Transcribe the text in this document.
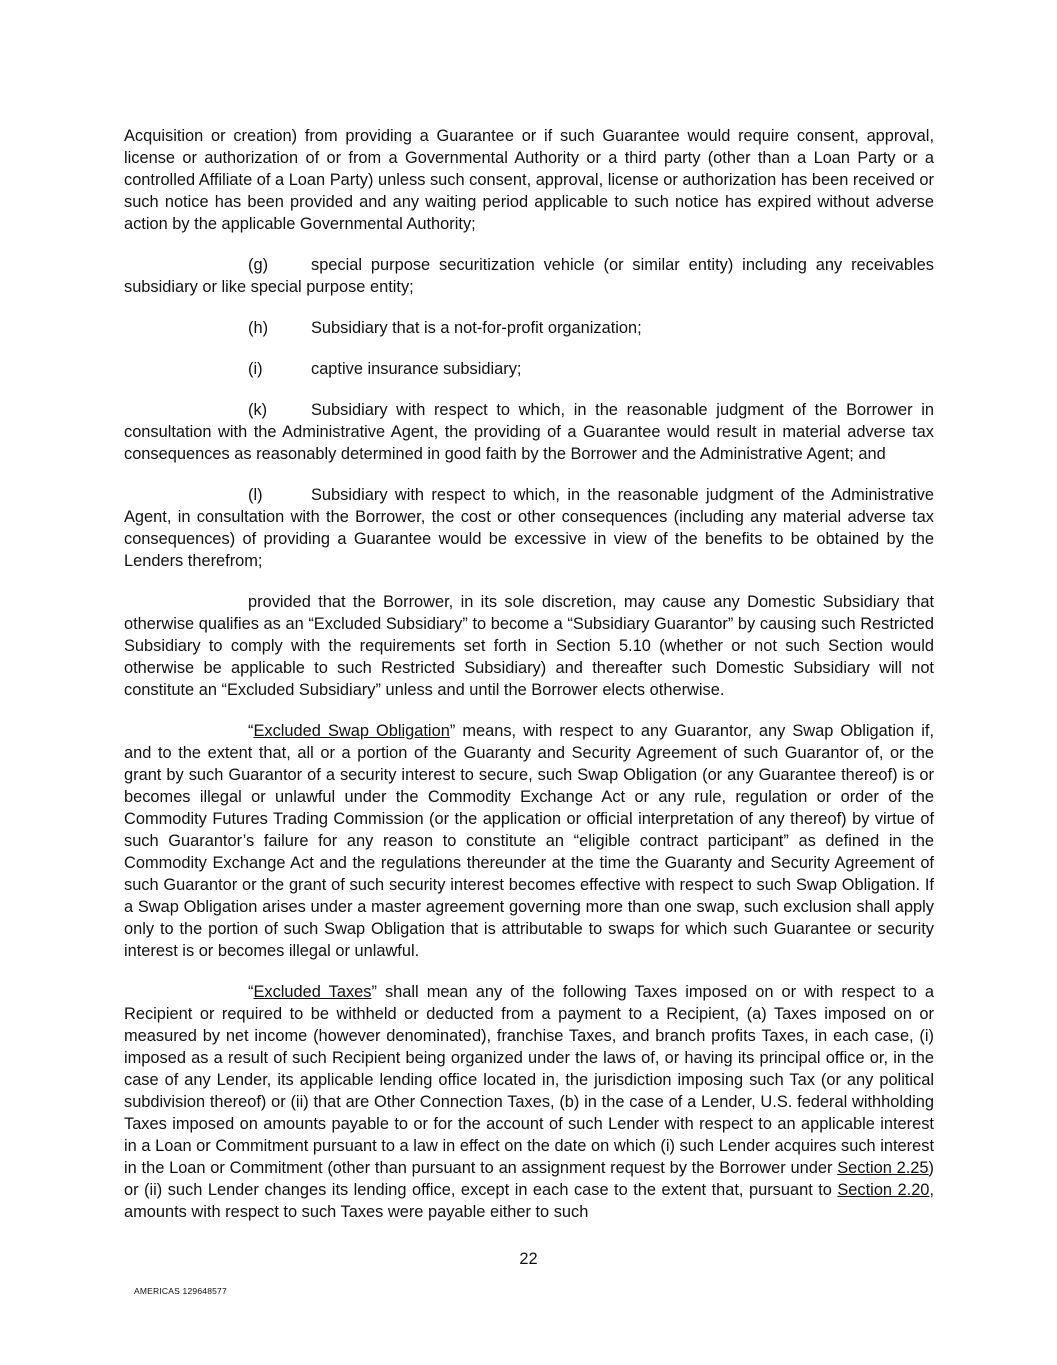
Acquisition or creation) from providing a Guarantee or if such Guarantee would require consent, approval, license or authorization of or from a Governmental Authority or a third party (other than a Loan Party or a controlled Affiliate of a Loan Party) unless such consent, approval, license or authorization has been received or such notice has been provided and any waiting period applicable to such notice has expired without adverse action by the applicable Governmental Authority;

(g)	special purpose securitization vehicle (or similar entity) including any receivables subsidiary or like special purpose entity;

(h)	Subsidiary that is a not-for-profit organization;

(i)	captive insurance subsidiary;

(k)	Subsidiary with respect to which, in the reasonable judgment of the Borrower in consultation with the Administrative Agent, the providing of a Guarantee would result in material adverse tax consequences as reasonably determined in good faith by the Borrower and the Administrative Agent; and

(l)	Subsidiary with respect to which, in the reasonable judgment of the Administrative Agent, in consultation with the Borrower, the cost or other consequences (including any material adverse tax consequences) of providing a Guarantee would be excessive in view of the benefits to be obtained by the Lenders therefrom;

provided that the Borrower, in its sole discretion, may cause any Domestic Subsidiary that otherwise qualifies as an “Excluded Subsidiary” to become a “Subsidiary Guarantor” by causing such Restricted Subsidiary to comply with the requirements set forth in Section 5.10 (whether or not such Section would otherwise be applicable to such Restricted Subsidiary) and thereafter such Domestic Subsidiary will not constitute an “Excluded Subsidiary” unless and until the Borrower elects otherwise.

“Excluded Swap Obligation” means, with respect to any Guarantor, any Swap Obligation if, and to the extent that, all or a portion of the Guaranty and Security Agreement of such Guarantor of, or the grant by such Guarantor of a security interest to secure, such Swap Obligation (or any Guarantee thereof) is or becomes illegal or unlawful under the Commodity Exchange Act or any rule, regulation or order of the Commodity Futures Trading Commission (or the application or official interpretation of any thereof) by virtue of such Guarantor’s failure for any reason to constitute an “eligible contract participant” as defined in the Commodity Exchange Act and the regulations thereunder at the time the Guaranty and Security Agreement of such Guarantor or the grant of such security interest becomes effective with respect to such Swap Obligation. If a Swap Obligation arises under a master agreement governing more than one swap, such exclusion shall apply only to the portion of such Swap Obligation that is attributable to swaps for which such Guarantee or security interest is or becomes illegal or unlawful.

“Excluded Taxes” shall mean any of the following Taxes imposed on or with respect to a Recipient or required to be withheld or deducted from a payment to a Recipient, (a) Taxes imposed on or measured by net income (however denominated), franchise Taxes, and branch profits Taxes, in each case, (i) imposed as a result of such Recipient being organized under the laws of, or having its principal office or, in the case of any Lender, its applicable lending office located in, the jurisdiction imposing such Tax (or any political subdivision thereof) or (ii) that are Other Connection Taxes, (b) in the case of a Lender, U.S. federal withholding Taxes imposed on amounts payable to or for the account of such Lender with respect to an applicable interest in a Loan or Commitment pursuant to a law in effect on the date on which (i) such Lender acquires such interest in the Loan or Commitment (other than pursuant to an assignment request by the Borrower under Section 2.25) or (ii) such Lender changes its lending office, except in each case to the extent that, pursuant to Section 2.20, amounts with respect to such Taxes were payable either to such

22
AMERICAS 129648577
